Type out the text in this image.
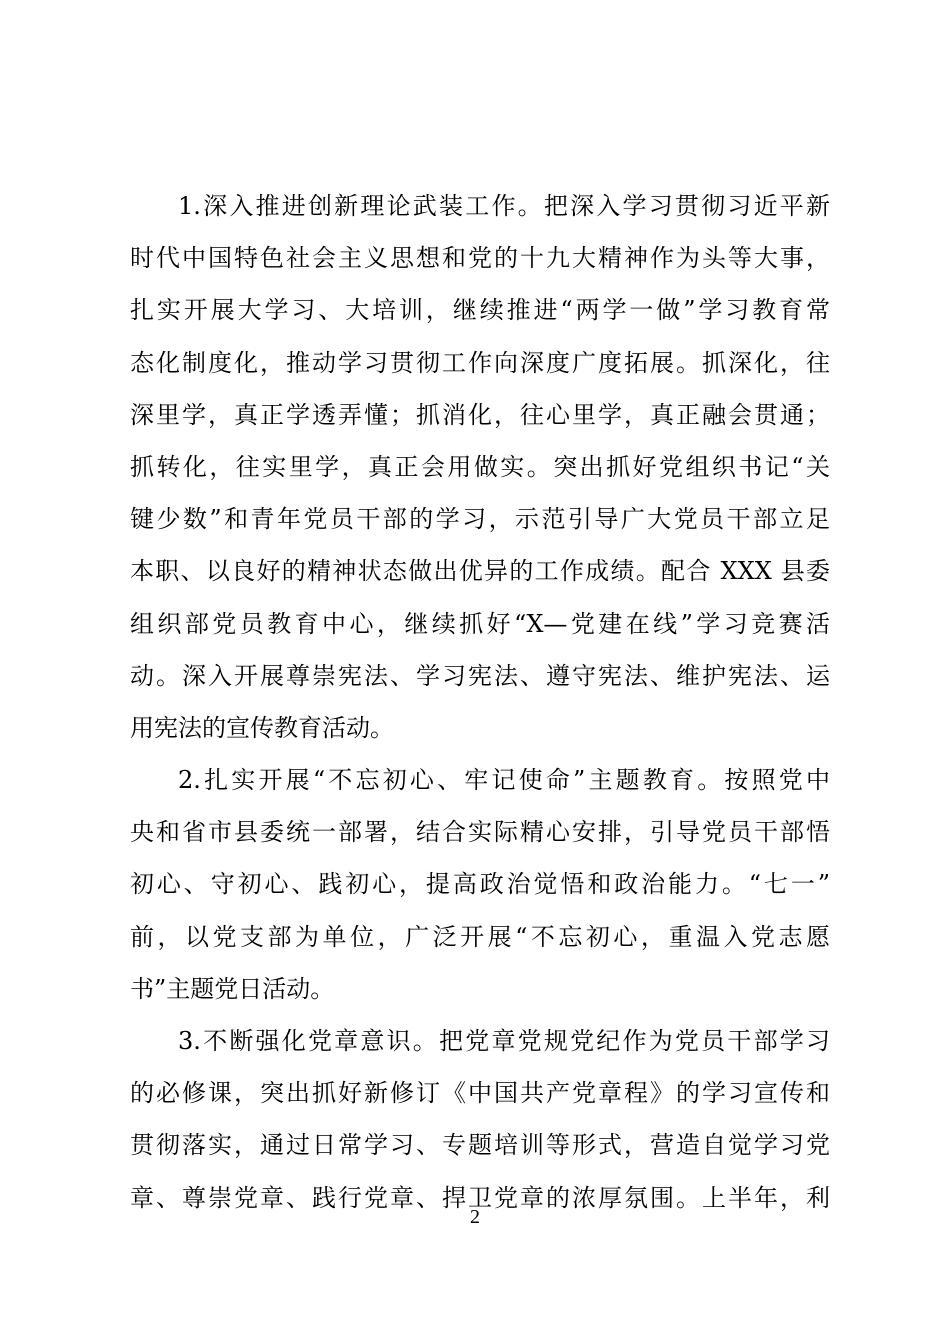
1.深入推进创新理论武装工作。把深入学习贯彻习近平新
时代中国特色社会主义思想和党的十九大精神作为头等大事，
扎实开展大学习、大培训，继续推进“两学一做”学习教育常
态化制度化，推动学习贯彻工作向深度广度拓展。抓深化，往
深里学，真正学透弄懂；抓消化，往心里学，真正融会贯通；
抓转化，往实里学，真正会用做实。突出抓好党组织书记“关
键少数”和青年党员干部的学习，示范引导广大党员干部立足
本职、以良好的精神状态做出优异的工作成绩。配合 XXX 县委
组织部党员教育中心，继续抓好“X—党建在线”学习竞赛活
动。深入开展尊崇宪法、学习宪法、遵守宪法、维护宪法、运
用宪法的宣传教育活动。
2.扎实开展“不忘初心、牢记使命”主题教育。按照党中
央和省市县委统一部署，结合实际精心安排，引导党员干部悟
初心、守初心、践初心，提高政治觉悟和政治能力。“七一”
前，以党支部为单位，广泛开展“不忘初心，重温入党志愿
书”主题党日活动。
3.不断强化党章意识。把党章党规党纪作为党员干部学习
的必修课，突出抓好新修订《中国共产党章程》的学习宣传和
贯彻落实，通过日常学习、专题培训等形式，营造自觉学习党
章、尊崇党章、践行党章、捍卫党章的浓厚氛围。上半年，利
2
